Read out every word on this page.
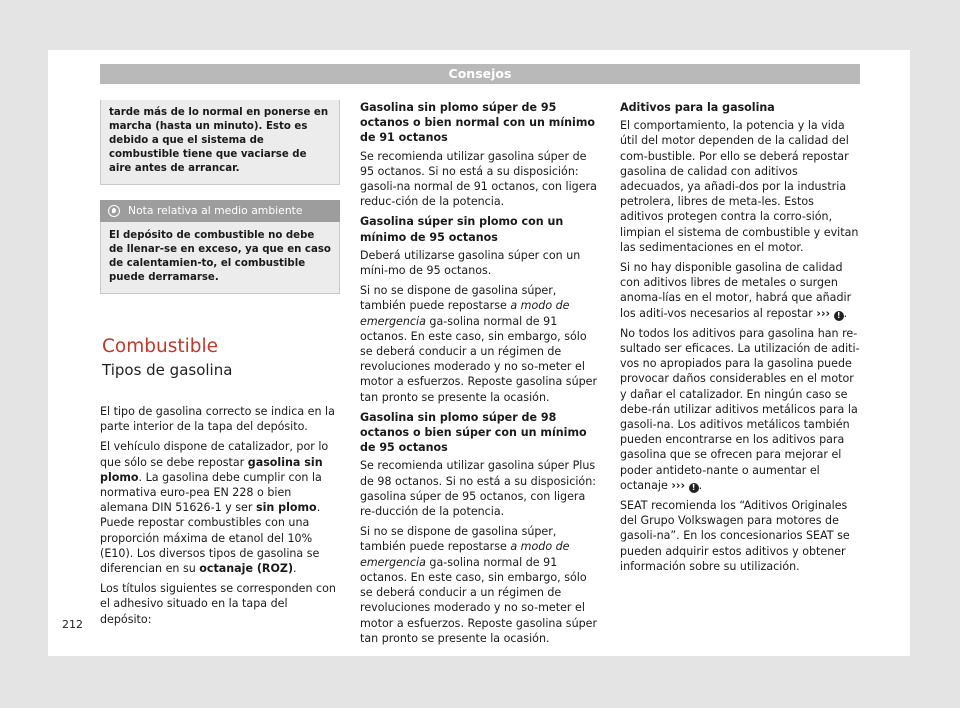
Consejos

tarde más de lo normal en ponerse en marcha (hasta un minuto). Esto es debido a que el sistema de combustible tiene que vaciarse de aire antes de arrancar.

Nota relativa al medio ambiente

El depósito de combustible no debe de llenar-se en exceso, ya que en caso de calentamien-to, el combustible puede derramarse.

Combustible
Tipos de gasolina

El tipo de gasolina correcto se indica en la parte interior de la tapa del depósito.

El vehículo dispone de catalizador, por lo que sólo se debe repostar gasolina sin plomo. La gasolina debe cumplir con la normativa euro-pea EN 228 o bien alemana DIN 51626-1 y ser sin plomo. Puede repostar combustibles con una proporción máxima de etanol del 10% (E10). Los diversos tipos de gasolina se diferencian en su octanaje (ROZ).

Los títulos siguientes se corresponden con el adhesivo situado en la tapa del depósito:

Gasolina sin plomo súper de 95 octanos o bien normal con un mínimo de 91 octanos

Se recomienda utilizar gasolina súper de 95 octanos. Si no está a su disposición: gasoli-na normal de 91 octanos, con ligera reduc-ción de la potencia.

Gasolina súper sin plomo con un mínimo de 95 octanos

Deberá utilizarse gasolina súper con un míni-mo de 95 octanos.

Si no se dispone de gasolina súper, también puede repostarse a modo de emergencia ga-solina normal de 91 octanos. En este caso, sin embargo, sólo se deberá conducir a un régimen de revoluciones moderado y no so-meter el motor a esfuerzos. Reposte gasolina súper tan pronto se presente la ocasión.

Gasolina sin plomo súper de 98 octanos o bien súper con un mínimo de 95 octanos

Se recomienda utilizar gasolina súper Plus de 98 octanos. Si no está a su disposición: gasolina súper de 95 octanos, con ligera re-ducción de la potencia.

Si no se dispone de gasolina súper, también puede repostarse a modo de emergencia ga-solina normal de 91 octanos. En este caso, sin embargo, sólo se deberá conducir a un régimen de revoluciones moderado y no so-meter el motor a esfuerzos. Reposte gasolina súper tan pronto se presente la ocasión.

Aditivos para la gasolina

El comportamiento, la potencia y la vida útil del motor dependen de la calidad del com-bustible. Por ello se deberá repostar gasolina de calidad con aditivos adecuados, ya añadi-dos por la industria petrolera, libres de meta-les. Estos aditivos protegen contra la corro-sión, limpian el sistema de combustible y evitan las sedimentaciones en el motor.

Si no hay disponible gasolina de calidad con aditivos libres de metales o surgen anoma-lías en el motor, habrá que añadir los aditi-vos necesarios al repostar ››› ! .

No todos los aditivos para gasolina han re-sultado ser eficaces. La utilización de aditi-vos no apropiados para la gasolina puede provocar daños considerables en el motor y dañar el catalizador. En ningún caso se debe-rán utilizar aditivos metálicos para la gasoli-na. Los aditivos metálicos también pueden encontrarse en los aditivos para gasolina que se ofrecen para mejorar el poder antideto-nante o aumentar el octanaje ››› ! .

SEAT recomienda los “Aditivos Originales del Grupo Volkswagen para motores de gasoli-na”. En los concesionarios SEAT se pueden adquirir estos aditivos y obtener información sobre su utilización.

212
